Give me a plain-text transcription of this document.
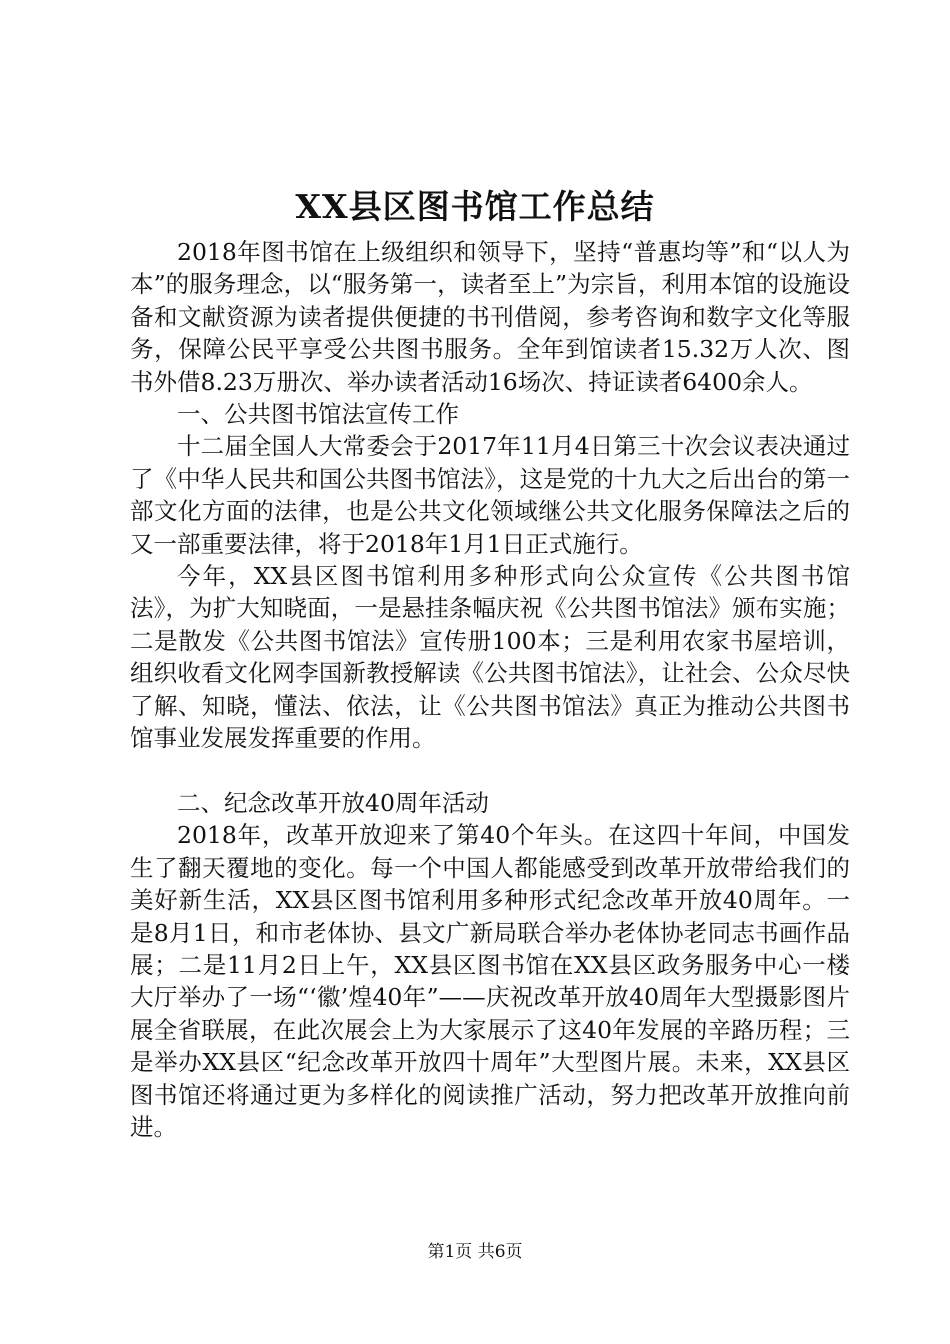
XX县区图书馆工作总结

2018年图书馆在上级组织和领导下，坚持“普惠均等”和“以人为本”的服务理念，以“服务第一，读者至上”为宗旨，利用本馆的设施设备和文献资源为读者提供便捷的书刊借阅，参考咨询和数字文化等服务，保障公民平享受公共图书服务。全年到馆读者15.32万人次、图书外借8.23万册次、举办读者活动16场次、持证读者6400余人。

一、公共图书馆法宣传工作

十二届全国人大常委会于2017年11月4日第三十次会议表决通过了《中华人民共和国公共图书馆法》，这是党的十九大之后出台的第一部文化方面的法律，也是公共文化领域继公共文化服务保障法之后的又一部重要法律，将于2018年1月1日正式施行。

今年，XX县区图书馆利用多种形式向公众宣传《公共图书馆法》，为扩大知晓面，一是悬挂条幅庆祝《公共图书馆法》颁布实施；二是散发《公共图书馆法》宣传册100本；三是利用农家书屋培训，组织收看文化网李国新教授解读《公共图书馆法》，让社会、公众尽快了解、知晓，懂法、依法，让《公共图书馆法》真正为推动公共图书馆事业发展发挥重要的作用。

二、纪念改革开放40周年活动

2018年，改革开放迎来了第40个年头。在这四十年间，中国发生了翻天覆地的变化。每一个中国人都能感受到改革开放带给我们的美好新生活，XX县区图书馆利用多种形式纪念改革开放40周年。一是8月1日，和市老体协、县文广新局联合举办老体协老同志书画作品展；二是11月2日上午，XX县区图书馆在XX县区政务服务中心一楼大厅举办了一场“‘徽’煌40年”——庆祝改革开放40周年大型摄影图片展全省联展，在此次展会上为大家展示了这40年发展的辛路历程；三是举办XX县区“纪念改革开放四十周年”大型图片展。未来，XX县区图书馆还将通过更为多样化的阅读推广活动，努力把改革开放推向前进。

第1页 共6页
